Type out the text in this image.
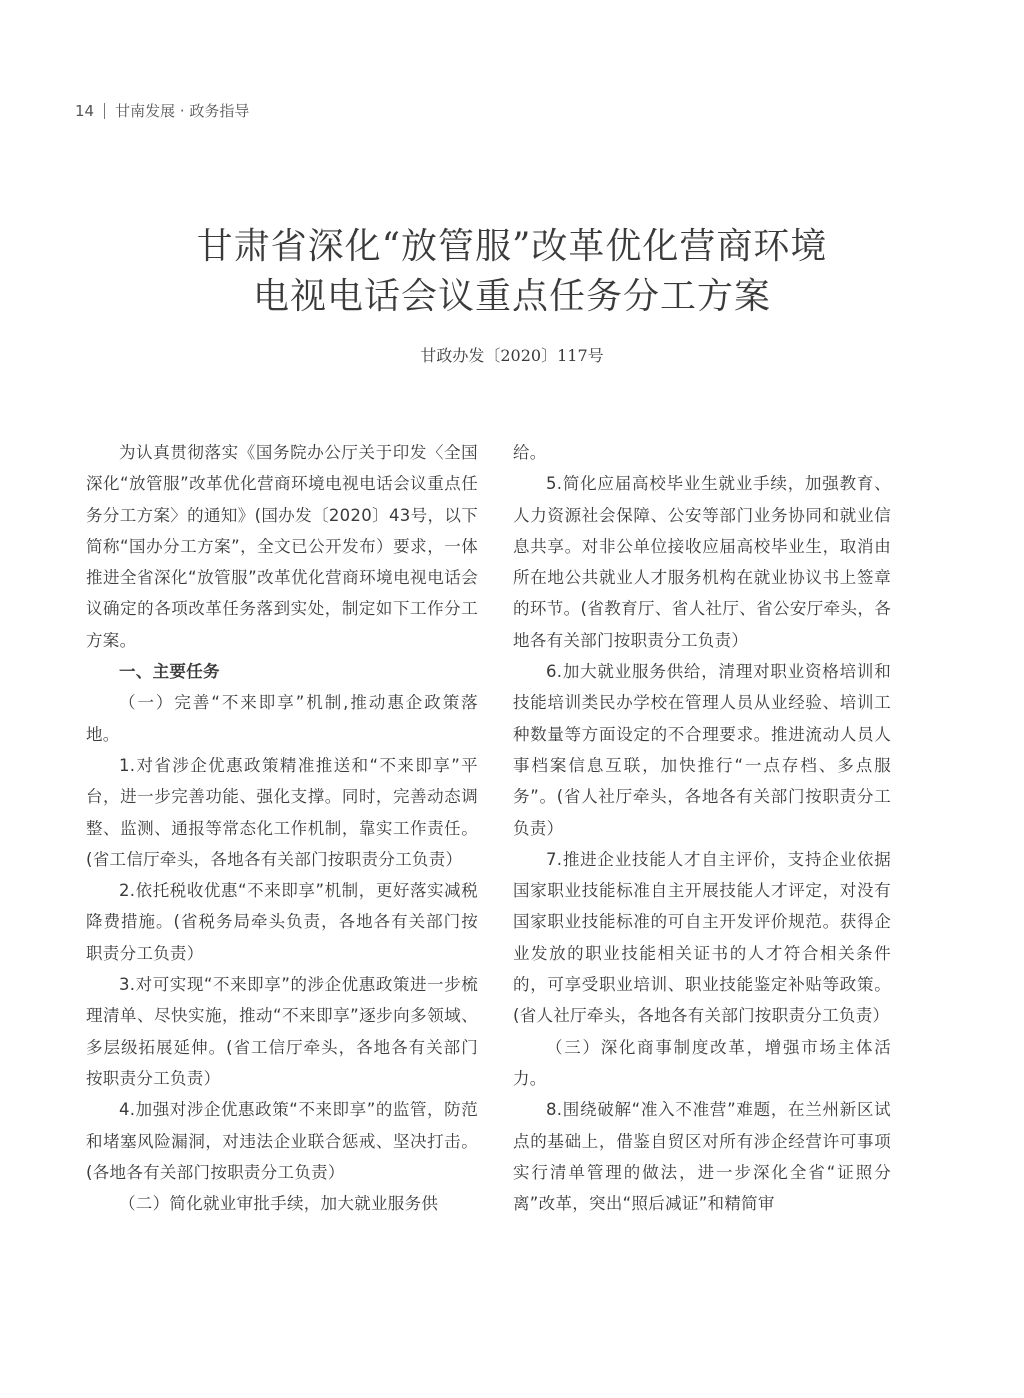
14 甘南发展 · 政务指导
甘肃省深化“放管服”改革优化营商环境
电视电话会议重点任务分工方案
甘政办发〔2020〕117号

为认真贯彻落实《国务院办公厅关于印发〈全国深化“放管服”改革优化营商环境电视电话会议重点任务分工方案〉的通知》(国办发〔2020〕43号，以下简称“国办分工方案”，全文已公开发布）要求，一体推进全省深化“放管服”改革优化营商环境电视电话会议确定的各项改革任务落到实处，制定如下工作分工方案。

一、主要任务

（一）完善“不来即享”机制,推动惠企政策落地。

1.对省涉企优惠政策精准推送和“不来即享”平台，进一步完善功能、强化支撑。同时，完善动态调整、监测、通报等常态化工作机制，靠实工作责任。(省工信厅牵头，各地各有关部门按职责分工负责）

2.依托税收优惠“不来即享”机制，更好落实减税降费措施。(省税务局牵头负责，各地各有关部门按职责分工负责）

3.对可实现“不来即享”的涉企优惠政策进一步梳理清单、尽快实施，推动“不来即享”逐步向多领域、多层级拓展延伸。(省工信厅牵头，各地各有关部门按职责分工负责）

4.加强对涉企优惠政策“不来即享”的监管，防范和堵塞风险漏洞，对违法企业联合惩戒、坚决打击。(各地各有关部门按职责分工负责）

（二）简化就业审批手续，加大就业服务供

给。

5.简化应届高校毕业生就业手续，加强教育、人力资源社会保障、公安等部门业务协同和就业信息共享。对非公单位接收应届高校毕业生，取消由所在地公共就业人才服务机构在就业协议书上签章的环节。(省教育厅、省人社厅、省公安厅牵头，各地各有关部门按职责分工负责）

6.加大就业服务供给，清理对职业资格培训和技能培训类民办学校在管理人员从业经验、培训工种数量等方面设定的不合理要求。推进流动人员人事档案信息互联，加快推行“一点存档、多点服务”。(省人社厅牵头，各地各有关部门按职责分工负责）

7.推进企业技能人才自主评价，支持企业依据国家职业技能标准自主开展技能人才评定，对没有国家职业技能标准的可自主开发评价规范。获得企业发放的职业技能相关证书的人才符合相关条件的，可享受职业培训、职业技能鉴定补贴等政策。(省人社厅牵头，各地各有关部门按职责分工负责）

（三）深化商事制度改革，增强市场主体活力。

8.围绕破解“准入不准营”难题，在兰州新区试点的基础上，借鉴自贸区对所有涉企经营许可事项实行清单管理的做法，进一步深化全省“证照分离”改革，突出“照后减证”和精简审
